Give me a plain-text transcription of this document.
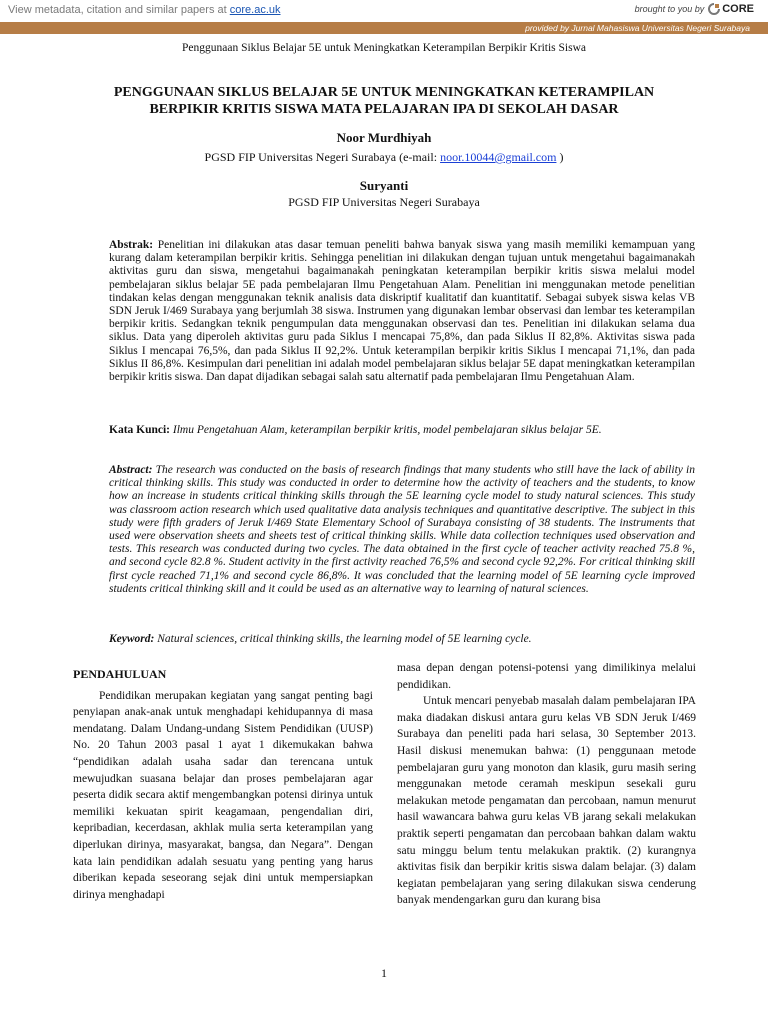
View metadata, citation and similar papers at core.ac.uk	brought to you by CORE
provided by Jurnal Mahasiswa Universitas Negeri Surabaya
Penggunaan Siklus Belajar 5E untuk Meningkatkan Keterampilan Berpikir Kritis Siswa
PENGGUNAAN SIKLUS BELAJAR 5E UNTUK MENINGKATKAN KETERAMPILAN BERPIKIR KRITIS SISWA MATA PELAJARAN IPA DI SEKOLAH DASAR
Noor Murdhiyah
PGSD FIP Universitas Negeri Surabaya (e-mail: noor.10044@gmail.com )
Suryanti
PGSD FIP Universitas Negeri Surabaya
Abstrak: Penelitian ini dilakukan atas dasar temuan peneliti bahwa banyak siswa yang masih memiliki kemampuan yang kurang dalam keterampilan berpikir kritis. Sehingga penelitian ini dilakukan dengan tujuan untuk mengetahui bagaimanakah aktivitas guru dan siswa, mengetahui bagaimanakah peningkatan keterampilan berpikir kritis siswa melalui model pembelajaran siklus belajar 5E pada pembelajaran Ilmu Pengetahuan Alam. Penelitian ini menggunakan metode penelitian tindakan kelas dengan menggunakan teknik analisis data diskriptif kualitatif dan kuantitatif. Sebagai subyek siswa kelas VB SDN Jeruk I/469 Surabaya yang berjumlah 38 siswa. Instrumen yang digunakan lembar observasi dan lembar tes keterampilan berpikir kritis. Sedangkan teknik pengumpulan data menggunakan observasi dan tes. Penelitian ini dilakukan selama dua siklus. Data yang diperoleh aktivitas guru pada Siklus I mencapai 75,8%, dan pada Siklus II 82,8%. Aktivitas siswa pada Siklus I mencapai 76,5%, dan pada Siklus II 92,2%. Untuk keterampilan berpikir kritis Siklus I mencapai 71,1%, dan pada Siklus II 86,8%. Kesimpulan dari penelitian ini adalah model pembelajaran siklus belajar 5E dapat meningkatkan keterampilan berpikir kritis siswa. Dan dapat dijadikan sebagai salah satu alternatif pada pembelajaran Ilmu Pengetahuan Alam.
Kata Kunci: Ilmu Pengetahuan Alam, keterampilan berpikir kritis, model pembelajaran siklus belajar 5E.
Abstract: The research was conducted on the basis of research findings that many students who still have the lack of ability in critical thinking skills. This study was conducted in order to determine how the activity of teachers and the students, to know how an increase in students critical thinking skills through the 5E learning cycle model to study natural sciences. This study was classroom action research which used qualitative data analysis techniques and quantitative descriptive. The subject in this study were fifth graders of Jeruk I/469 State Elementary School of Surabaya consisting of 38 students. The instruments that used were observation sheets and sheets test of critical thinking skills. While data collection techniques used observation and tests. This research was conducted during two cycles. The data obtained in the first cycle of teacher activity reached 75.8 %, and second cycle 82.8 %. Student activity in the first activity reached 76,5% and second cycle 92,2%. For critical thinking skill first cycle reached 71,1% and second cycle 86,8%. It was concluded that the learning model of 5E learning cycle improved students critical thinking skill and it could be used as an alternative way to learning of natural sciences.
Keyword: Natural sciences, critical thinking skills, the learning model of 5E learning cycle.
PENDAHULUAN

Pendidikan merupakan kegiatan yang sangat penting bagi penyiapan anak-anak untuk menghadapi kehidupannya di masa mendatang. Dalam Undang-undang Sistem Pendidikan (UUSP) No. 20 Tahun 2003 pasal 1 ayat 1 dikemukakan bahwa “pendidikan adalah usaha sadar dan terencana untuk mewujudkan suasana belajar dan proses pembelajaran agar peserta didik secara aktif mengembangkan potensi dirinya untuk memiliki kekuatan spirit keagamaan, pengendalian diri, kepribadian, kecerdasan, akhlak mulia serta keterampilan yang diperlukan dirinya, masyarakat, bangsa, dan Negara”. Dengan kata lain pendidikan adalah sesuatu yang penting yang harus diberikan kepada seseorang sejak dini untuk mempersiapkan dirinya menghadapi

masa depan dengan potensi-potensi yang dimilikinya melalui pendidikan.

Untuk mencari penyebab masalah dalam pembelajaran IPA maka diadakan diskusi antara guru kelas VB SDN Jeruk I/469 Surabaya dan peneliti pada hari selasa, 30 September 2013. Hasil diskusi menemukan bahwa: (1) penggunaan metode pembelajaran guru yang monoton dan klasik, guru masih sering menggunakan metode ceramah meskipun sesekali guru melakukan metode pengamatan dan percobaan, namun menurut hasil wawancara bahwa guru kelas VB jarang sekali melakukan praktik seperti pengamatan dan percobaan bahkan dalam waktu satu minggu belum tentu melakukan praktik. (2) kurangnya aktivitas fisik dan berpikir kritis siswa dalam belajar. (3) dalam kegiatan pembelajaran yang sering dilakukan siswa cenderung banyak mendengarkan guru dan kurang bisa

1
